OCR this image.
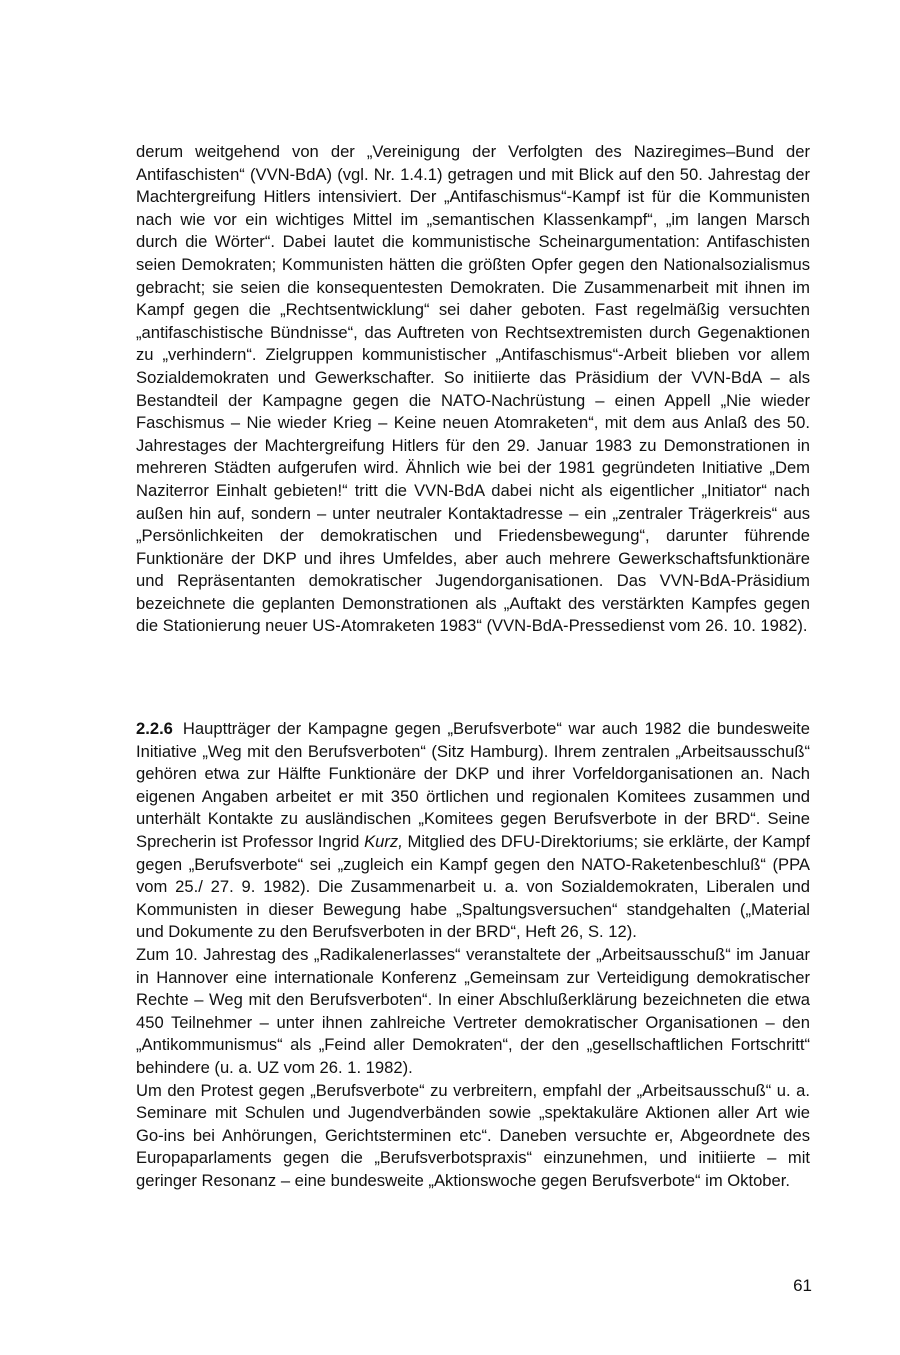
derum weitgehend von der „Vereinigung der Verfolgten des Naziregimes–Bund der Antifaschisten“ (VVN-BdA) (vgl. Nr. 1.4.1) getragen und mit Blick auf den 50. Jahrestag der Machtergreifung Hitlers intensiviert. Der „Antifaschismus“-Kampf ist für die Kommunisten nach wie vor ein wichtiges Mittel im „semantischen Klassenkampf“, „im langen Marsch durch die Wörter“. Dabei lautet die kommunistische Scheinargumentation: Antifaschisten seien Demokraten; Kommunisten hätten die größten Opfer gegen den Nationalsozialismus gebracht; sie seien die konsequentesten Demokraten. Die Zusammenarbeit mit ihnen im Kampf gegen die „Rechtsentwicklung“ sei daher geboten. Fast regelmäßig versuchten „antifaschistische Bündnisse“, das Auftreten von Rechtsextremisten durch Gegenaktionen zu „verhindern“. Zielgruppen kommunistischer „Antifaschismus“-Arbeit blieben vor allem Sozialdemokraten und Gewerkschafter. So initiierte das Präsidium der VVN-BdA – als Bestandteil der Kampagne gegen die NATO-Nachrüstung – einen Appell „Nie wieder Faschismus – Nie wieder Krieg – Keine neuen Atomraketen“, mit dem aus Anlaß des 50. Jahrestages der Machtergreifung Hitlers für den 29. Januar 1983 zu Demonstrationen in mehreren Städten aufgerufen wird. Ähnlich wie bei der 1981 gegründeten Initiative „Dem Naziterror Einhalt gebieten!“ tritt die VVN-BdA dabei nicht als eigentlicher „Initiator“ nach außen hin auf, sondern – unter neutraler Kontaktadresse – ein „zentraler Trägerkreis“ aus „Persönlichkeiten der demokratischen und Friedensbewegung“, darunter führende Funktionäre der DKP und ihres Umfeldes, aber auch mehrere Gewerkschaftsfunktionäre und Repräsentanten demokratischer Jugendorganisationen. Das VVN-BdA-Präsidium bezeichnete die geplanten Demonstrationen als „Auftakt des verstärkten Kampfes gegen die Stationierung neuer US-Atomraketen 1983“ (VVN-BdA-Pressedienst vom 26. 10. 1982).

2.2.6 Hauptträger der Kampagne gegen „Berufsverbote“ war auch 1982 die bundesweite Initiative „Weg mit den Berufsverboten“ (Sitz Hamburg). Ihrem zentralen „Arbeitsausschuß“ gehören etwa zur Hälfte Funktionäre der DKP und ihrer Vorfeldorganisationen an. Nach eigenen Angaben arbeitet er mit 350 örtlichen und regionalen Komitees zusammen und unterhält Kontakte zu ausländischen „Komitees gegen Berufsverbote in der BRD“. Seine Sprecherin ist Professor Ingrid Kurz, Mitglied des DFU-Direktoriums; sie erklärte, der Kampf gegen „Berufsverbote“ sei „zugleich ein Kampf gegen den NATO-Raketenbeschluß“ (PPA vom 25./ 27. 9. 1982). Die Zusammenarbeit u. a. von Sozialdemokraten, Liberalen und Kommunisten in dieser Bewegung habe „Spaltungsversuchen“ standgehalten („Material und Dokumente zu den Berufsverboten in der BRD“, Heft 26, S. 12).

Zum 10. Jahrestag des „Radikalenerlasses“ veranstaltete der „Arbeitsausschuß“ im Januar in Hannover eine internationale Konferenz „Gemeinsam zur Verteidigung demokratischer Rechte – Weg mit den Berufsverboten“. In einer Abschlußerklärung bezeichneten die etwa 450 Teilnehmer – unter ihnen zahlreiche Vertreter demokratischer Organisationen – den „Antikommunismus“ als „Feind aller Demokraten“, der den „gesellschaftlichen Fortschritt“ behindere (u. a. UZ vom 26. 1. 1982).

Um den Protest gegen „Berufsverbote“ zu verbreitern, empfahl der „Arbeitsausschuß“ u. a. Seminare mit Schulen und Jugendverbänden sowie „spektakuläre Aktionen aller Art wie Go-ins bei Anhörungen, Gerichtsterminen etc“. Daneben versuchte er, Abgeordnete des Europaparlaments gegen die „Berufsverbotspraxis“ einzunehmen, und initiierte – mit geringer Resonanz – eine bundesweite „Aktionswoche gegen Berufsverbote“ im Oktober.

61
